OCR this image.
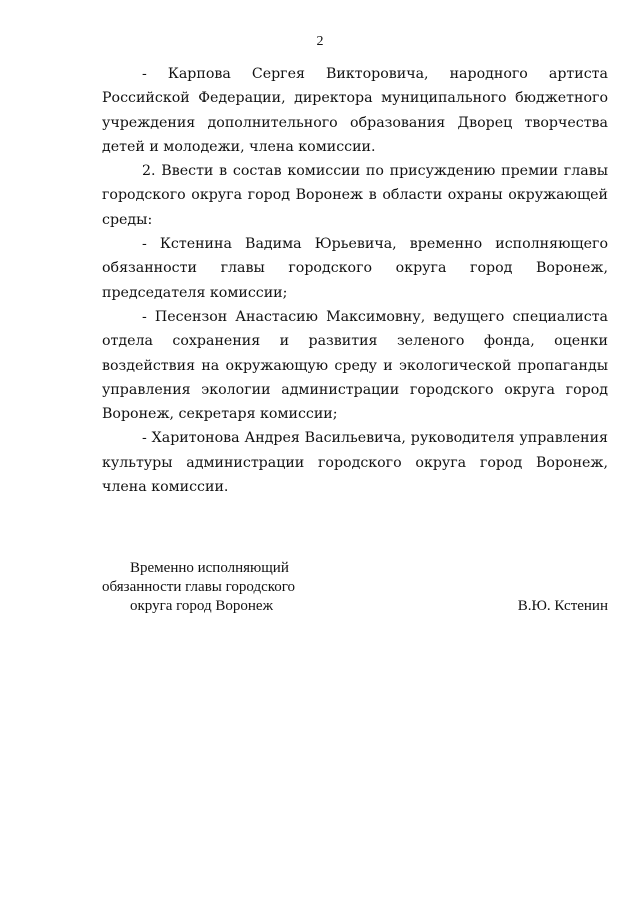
2

- Карпова Сергея Викторовича, народного артиста Российской Федерации, директора муниципального бюджетного учреждения дополнительного образования Дворец творчества детей и молодежи, члена комиссии.

2. Ввести в состав комиссии по присуждению премии главы городского округа город Воронеж в области охраны окружающей среды:

- Кстенина Вадима Юрьевича, временно исполняющего обязанности главы городского округа город Воронеж, председателя комиссии;

- Песензон Анастасию Максимовну, ведущего специалиста отдела сохранения и развития зеленого фонда, оценки воздействия на окружающую среду и экологической пропаганды управления экологии администрации городского округа город Воронеж, секретаря комиссии;

- Харитонова Андрея Васильевича, руководителя управления культуры администрации городского округа город Воронеж, члена комиссии.

Временно исполняющий
обязанности главы городского
округа город Воронеж	В.Ю. Кстенин
